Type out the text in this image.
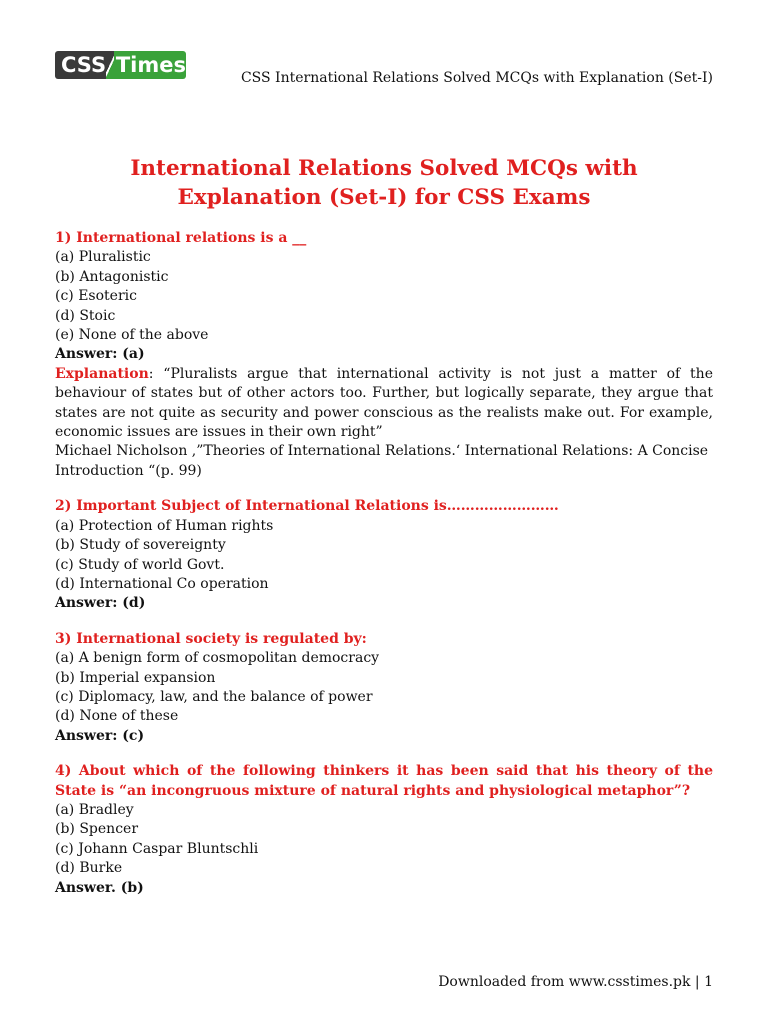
CSS Times
CSS International Relations Solved MCQs with Explanation (Set-I)
International Relations Solved MCQs with Explanation (Set-I) for CSS Exams
1) International relations is a __
(a) Pluralistic
(b) Antagonistic
(c) Esoteric
(d) Stoic
(e) None of the above
Answer: (a)
Explanation: “Pluralists argue that international activity is not just a matter of the behaviour of states but of other actors too. Further, but logically separate, they argue that states are not quite as security and power conscious as the realists make out. For example, economic issues are issues in their own right”
Michael Nicholson ,”Theories of International Relations.‘ International Relations: A Concise Introduction “(p. 99)
2) Important Subject of International Relations is……………………
(a) Protection of Human rights
(b) Study of sovereignty
(c) Study of world Govt.
(d) International Co operation
Answer: (d)
3) International society is regulated by:
(a) A benign form of cosmopolitan democracy
(b) Imperial expansion
(c) Diplomacy, law, and the balance of power
(d) None of these
Answer: (c)
4) About which of the following thinkers it has been said that his theory of the State is “an incongruous mixture of natural rights and physiological metaphor”?
(a) Bradley
(b) Spencer
(c) Johann Caspar Bluntschli
(d) Burke
Answer. (b)
Downloaded from www.csstimes.pk | 1
